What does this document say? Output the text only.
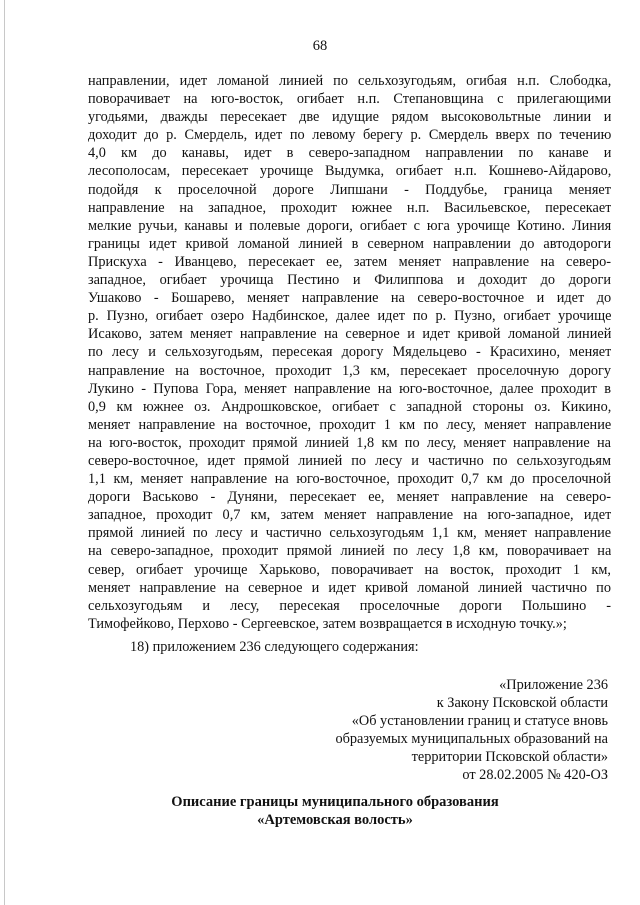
68
направлении, идет ломаной линией по сельхозугодьям, огибая н.п. Слободка,
поворачивает на юго-восток, огибает н.п. Степановщина с прилегающими
угодьями, дважды пересекает две идущие рядом высоковольтные линии и
доходит до р. Смердель, идет по левому берегу р. Смердель вверх по течению
4,0 км до канавы, идет в северо-западном направлении по канаве и
лесополосам, пересекает урочище Выдумка, огибает н.п. Кошнево-Айдарово,
подойдя к проселочной дороге Липшани - Поддубье, граница меняет
направление на западное, проходит южнее н.п. Васильевское, пересекает
мелкие ручьи, канавы и полевые дороги, огибает с юга урочище Котино. Линия
границы идет кривой ломаной линией в северном направлении до автодороги
Прискуха - Иванцево, пересекает ее, затем меняет направление на северо-
западное, огибает урочища Пестино и Филиппова и доходит до дороги
Ушаково - Бошарево, меняет направление на северо-восточное и идет до
р. Пузно, огибает озеро Надбинское, далее идет по р. Пузно, огибает урочище
Исаково, затем меняет направление на северное и идет кривой ломаной линией
по лесу и сельхозугодьям, пересекая дорогу Мядельцево - Красихино, меняет
направление на восточное, проходит 1,3 км, пересекает проселочную дорогу
Лукино - Пупова Гора, меняет направление на юго-восточное, далее проходит в
0,9 км южнее оз. Андрошковское, огибает с западной стороны оз. Кикино,
меняет направление на восточное, проходит 1 км по лесу, меняет направление
на юго-восток, проходит прямой линией 1,8 км по лесу, меняет направление на
северо-восточное, идет прямой линией по лесу и частично по сельхозугодьям
1,1 км, меняет направление на юго-восточное, проходит 0,7 км до проселочной
дороги Васьково - Дуняни, пересекает ее, меняет направление на северо-
западное, проходит 0,7 км, затем меняет направление на юго-западное, идет
прямой линией по лесу и частично сельхозугодьям 1,1 км, меняет направление
на северо-западное, проходит прямой линией по лесу 1,8 км, поворачивает на
север, огибает урочище Харьково, поворачивает на восток, проходит 1 км,
меняет направление на северное и идет кривой ломаной линией частично по
сельхозугодьям и лесу, пересекая проселочные дороги Польшино -
Тимофейково, Перхово - Сергеевское, затем возвращается в исходную точку.»;
18) приложением 236 следующего содержания:
«Приложение 236
к Закону Псковской области
«Об установлении границ и статусе вновь
образуемых муниципальных образований на
территории Псковской области»
от 28.02.2005 № 420-ОЗ
Описание границы муниципального образования
«Артемовская волость»
